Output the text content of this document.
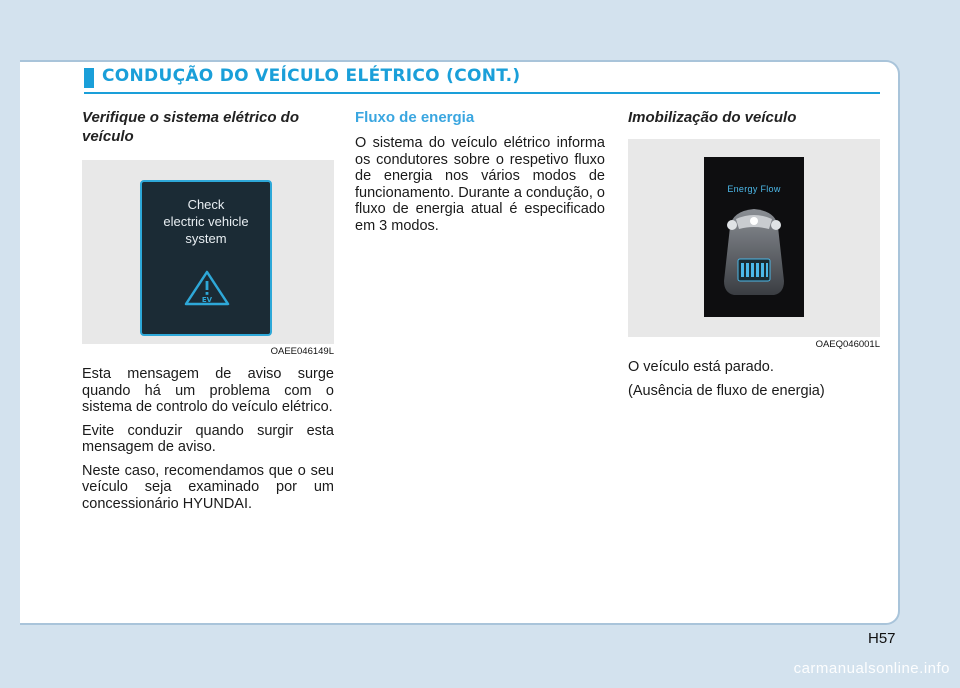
CONDUÇÃO DO VEÍCULO ELÉTRICO (CONT.)

Verifique o sistema elétrico do veículo

Check
electric vehicle
system
EV
OAEE046149L

Esta mensagem de aviso surge quando há um problema com o sistema de controlo do veículo elétrico.

Evite conduzir quando surgir esta mensagem de aviso.

Neste caso, recomendamos que o seu veículo seja examinado por um concessionário HYUNDAI.

Fluxo de energia

O sistema do veículo elétrico informa os condutores sobre o respetivo fluxo de energia nos vários modos de funcionamento. Durante a condução, o fluxo de energia atual é especificado em 3 modos.

Imobilização do veículo

Energy Flow
OAEQ046001L

O veículo está parado.

(Ausência de fluxo de energia)

H57
carmanualsonline.info
